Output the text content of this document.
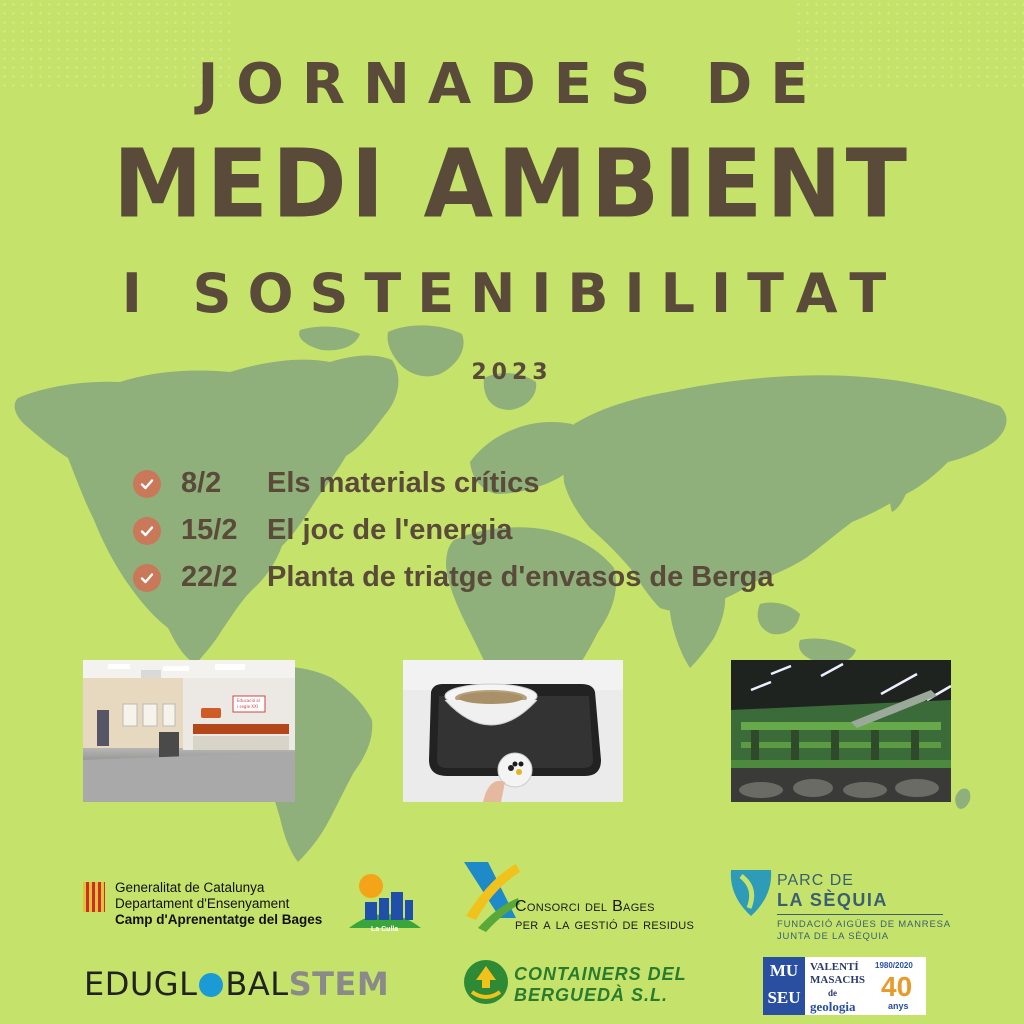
JORNADES DE
MEDI AMBIENT
I SOSTENIBILITAT
2023
8/2	Els materials crítics
15/2	El joc de l'energia
22/2	Planta de triatge d'envasos de Berga
Educació al
i segle XXI
Generalitat de Catalunya
Departament d'Ensenyament
Camp d'Aprenentatge del Bages
La Culla
Consorci del Bages
per a la gestió de residus
PARC DE
LA SÈQUIA
FUNDACIÓ AIGÜES DE MANRESA
JUNTA DE LA SÈQUIA
EDUGL BALSTEM	CONTAINERS DEL
BERGUEDÀ S.L.
MU
SEU
VALENTÍ
MASACHS
de
geologia
1980/2020
40
anys
